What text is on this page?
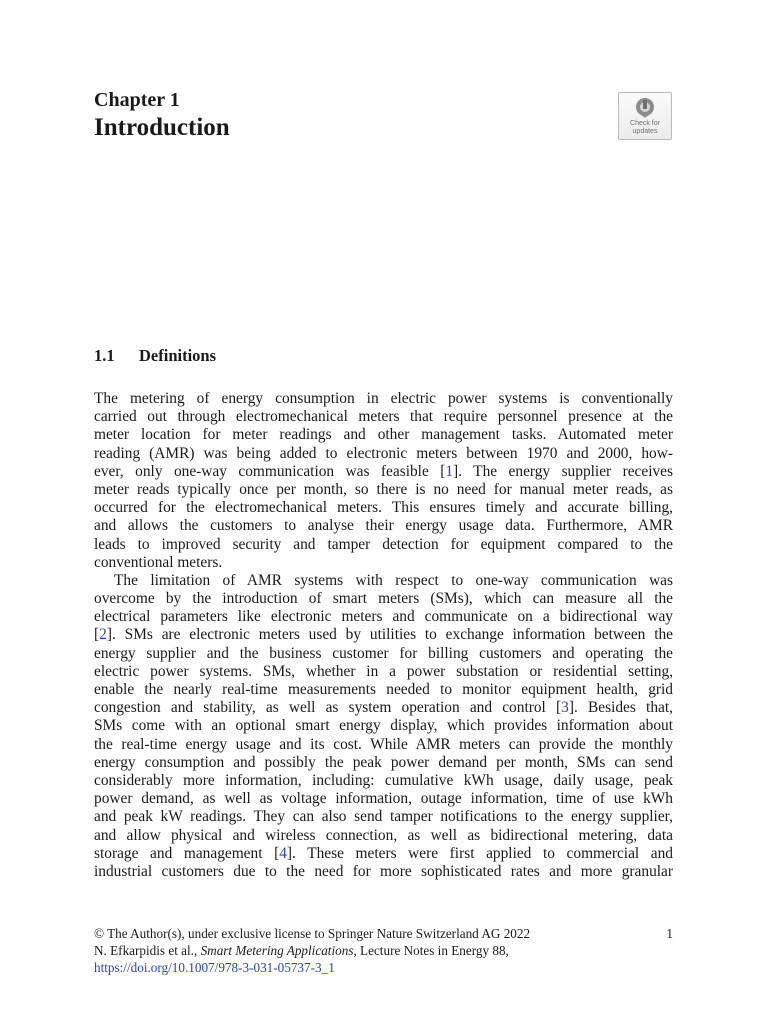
Chapter 1
Introduction	Check for
updates
1.1 Definitions
The metering of energy consumption in electric power systems is conventionally
carried out through electromechanical meters that require personnel presence at the
meter location for meter readings and other management tasks. Automated meter
reading (AMR) was being added to electronic meters between 1970 and 2000, how-
ever, only one-way communication was feasible [1]. The energy supplier receives
meter reads typically once per month, so there is no need for manual meter reads, as
occurred for the electromechanical meters. This ensures timely and accurate billing,
and allows the customers to analyse their energy usage data. Furthermore, AMR
leads to improved security and tamper detection for equipment compared to the
conventional meters.
The limitation of AMR systems with respect to one-way communication was
overcome by the introduction of smart meters (SMs), which can measure all the
electrical parameters like electronic meters and communicate on a bidirectional way
[2]. SMs are electronic meters used by utilities to exchange information between the
energy supplier and the business customer for billing customers and operating the
electric power systems. SMs, whether in a power substation or residential setting,
enable the nearly real-time measurements needed to monitor equipment health, grid
congestion and stability, as well as system operation and control [3]. Besides that,
SMs come with an optional smart energy display, which provides information about
the real-time energy usage and its cost. While AMR meters can provide the monthly
energy consumption and possibly the peak power demand per month, SMs can send
considerably more information, including: cumulative kWh usage, daily usage, peak
power demand, as well as voltage information, outage information, time of use kWh
and peak kW readings. They can also send tamper notifications to the energy supplier,
and allow physical and wireless connection, as well as bidirectional metering, data
storage and management [4]. These meters were first applied to commercial and
industrial customers due to the need for more sophisticated rates and more granular
© The Author(s), under exclusive license to Springer Nature Switzerland AG 2022	1
N. Efkarpidis et al., Smart Metering Applications, Lecture Notes in Energy 88,
https://doi.org/10.1007/978-3-031-05737-3_1
